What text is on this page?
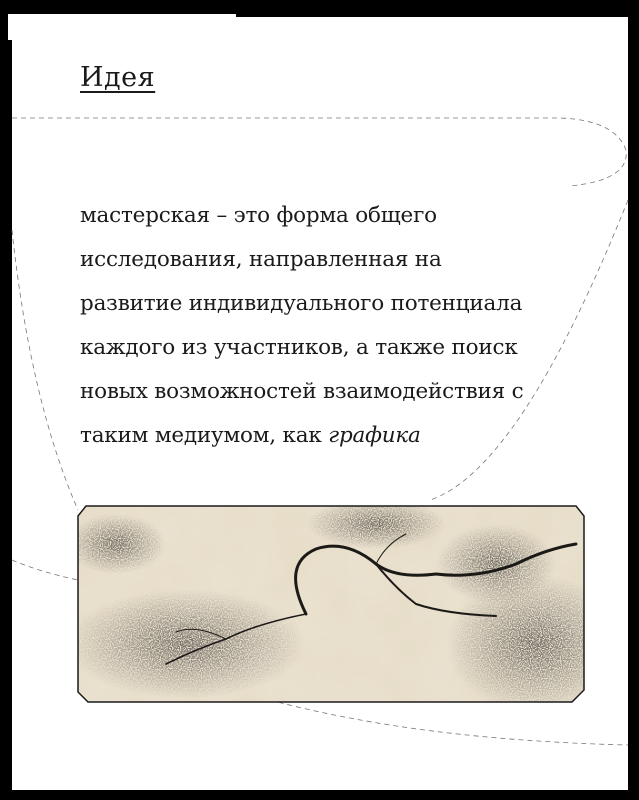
Идея

мастерская – это форма общего
исследования, направленная на
развитие индивидуального потенциала
каждого из участников, а также поиск
новых возможностей взаимодействия с
таким медиумом, как графика
